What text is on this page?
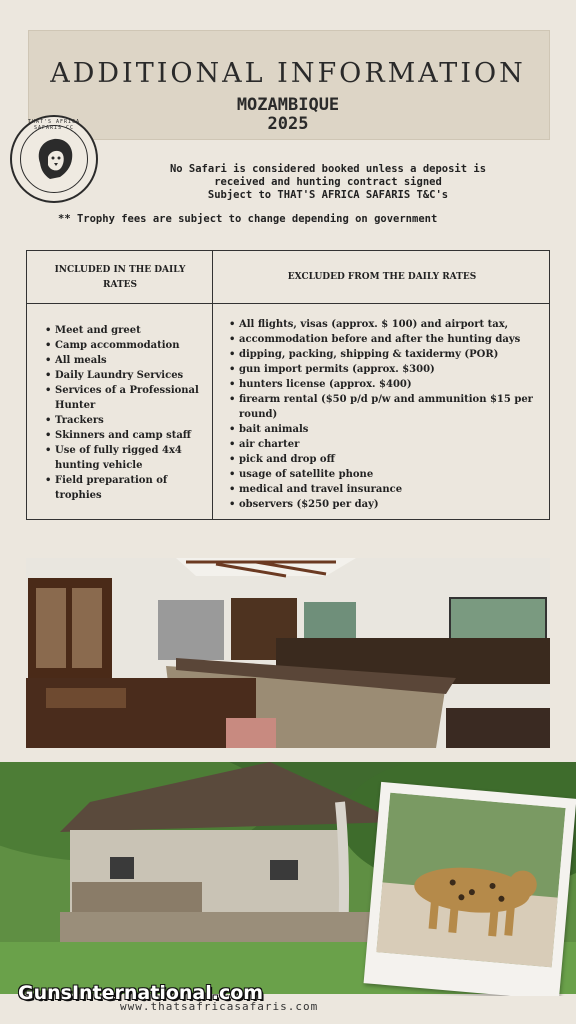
ADDITIONAL INFORMATION
MOZAMBIQUE
2025
THAT'S AFRICA SAFARIS CC
No Safari is considered booked unless a deposit is
received and hunting contract signed
Subject to THAT'S AFRICA SAFARIS T&C's
** Trophy fees are subject to change depending on government
INCLUDED IN THE DAILY
RATES
EXCLUDED FROM THE DAILY RATES
• Meet and greet
• Camp accommodation
• All meals
• Daily Laundry Services
• Services of a Professional Hunter
• Trackers
• Skinners and camp staff
• Use of fully rigged 4x4 hunting vehicle
• Field preparation of trophies
• All flights, visas (approx. $ 100) and airport tax,
• accommodation before and after the hunting days
• dipping, packing, shipping & taxidermy (POR)
• gun import permits (approx. $300)
• hunters license (approx. $400)
• firearm rental ($50 p/d p/w and ammunition $15 per round)
• bait animals
• air charter
• pick and drop off
• usage of satellite phone
• medical and travel insurance
• observers ($250 per day)
www.thatsafricasafaris.com
GunsInternational.com
